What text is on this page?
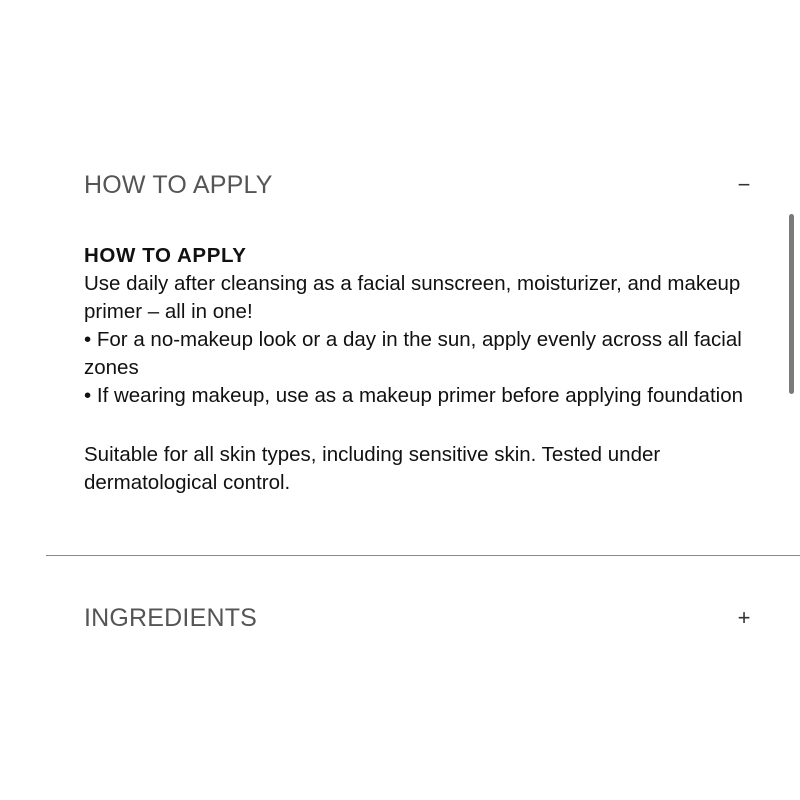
HOW TO APPLY	−
HOW TO APPLY

Use daily after cleansing as a facial sunscreen, moisturizer, and makeup primer – all in one!

• For a no-makeup look or a day in the sun, apply evenly across all facial zones

• If wearing makeup, use as a makeup primer before applying foundation

Suitable for all skin types, including sensitive skin. Tested under dermatological control.

INGREDIENTS	+
